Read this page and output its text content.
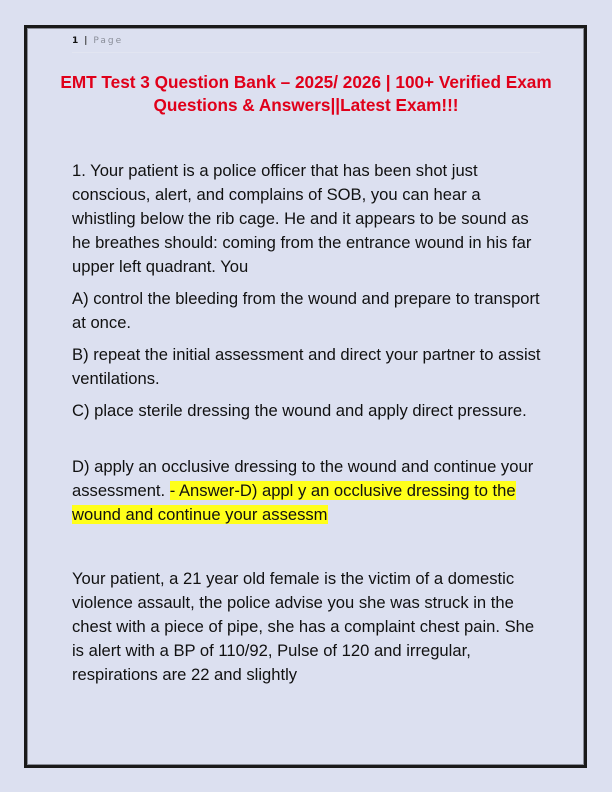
1 | Page
EMT Test 3 Question Bank – 2025/ 2026 | 100+ Verified Exam Questions & Answers||Latest Exam!!!

1. Your patient is a police officer that has been shot just conscious, alert, and complains of SOB, you can hear a whistling below the rib cage. He and it appears to be sound as he breathes should: coming from the entrance wound in his far upper left quadrant. You

A) control the bleeding from the wound and prepare to transport at once.

B) repeat the initial assessment and direct your partner to assist ventilations.

C) place sterile dressing the wound and apply direct pressure.

D) apply an occlusive dressing to the wound and continue your assessment. - Answer-D) appl y an occlusive dressing to the wound and continue your assessm

Your patient, a 21 year old female is the victim of a domestic violence assault, the police advise you she was struck in the chest with a piece of pipe, she has a complaint chest pain. She is alert with a BP of 110/92, Pulse of 120 and irregular, respirations are 22 and slightly
